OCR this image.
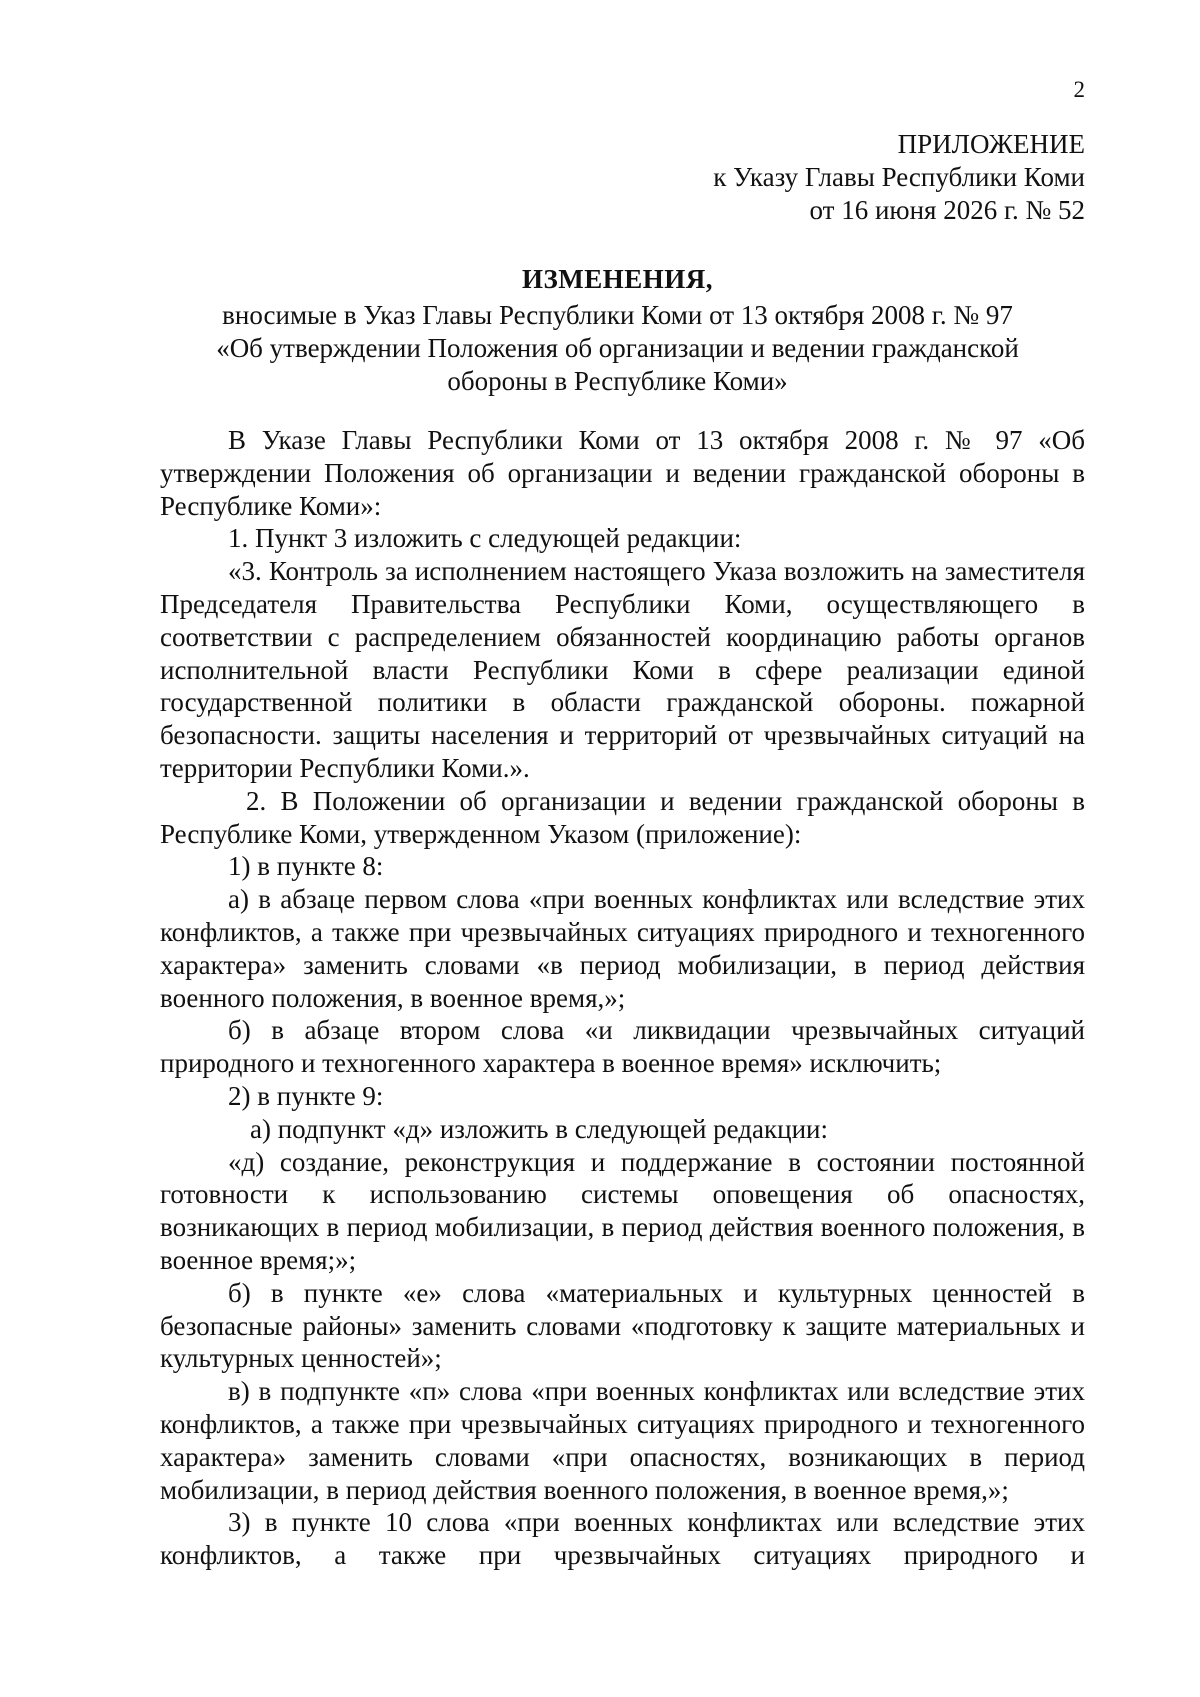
2
ПРИЛОЖЕНИЕ
к Указу Главы Республики Коми
от 16 июня 2026 г. № 52
ИЗМЕНЕНИЯ,
вносимые в Указ Главы Республики Коми от 13 октября 2008 г. № 97
«Об утверждении Положения об организации и ведении гражданской
обороны в Республике Коми»

В Указе Главы Республики Коми от 13 октября 2008 г. № 97 «Об утверждении Положения об организации и ведении гражданской обороны в Республике Коми»:

1. Пункт 3 изложить с следующей редакции:

«3. Контроль за исполнением настоящего Указа возложить на заместителя Председателя Правительства Республики Коми, осуществляющего в соответствии с распределением обязанностей координацию работы органов исполнительной власти Республики Коми в сфере реализации единой государственной политики в области гражданской обороны. пожарной безопасности. защиты населения и территорий от чрезвычайных ситуаций на территории Республики Коми.».

2. В Положении об организации и ведении гражданской обороны в Республике Коми, утвержденном Указом (приложение):

1) в пункте 8:

а) в абзаце первом слова «при военных конфликтах или вследствие этих конфликтов, а также при чрезвычайных ситуациях природного и техногенного характера» заменить словами «в период мобилизации, в период действия военного положения, в военное время,»;

б) в абзаце втором слова «и ликвидации чрезвычайных ситуаций природного и техногенного характера в военное время» исключить;

2) в пункте 9:

а) подпункт «д» изложить в следующей редакции:

«д) создание, реконструкция и поддержание в состоянии постоянной готовности к использованию системы оповещения об опасностях, возникающих в период мобилизации, в период действия военного положения, в военное время;»;

б) в пункте «е» слова «материальных и культурных ценностей в безопасные районы» заменить словами «подготовку к защите материальных и культурных ценностей»;

в) в подпункте «п» слова «при военных конфликтах или вследствие этих конфликтов, а также при чрезвычайных ситуациях природного и техногенного характера» заменить словами «при опасностях, возникающих в период мобилизации, в период действия военного положения, в военное время,»;

3) в пункте 10 слова «при военных конфликтах или вследствие этих конфликтов, а также при чрезвычайных ситуациях природного и
